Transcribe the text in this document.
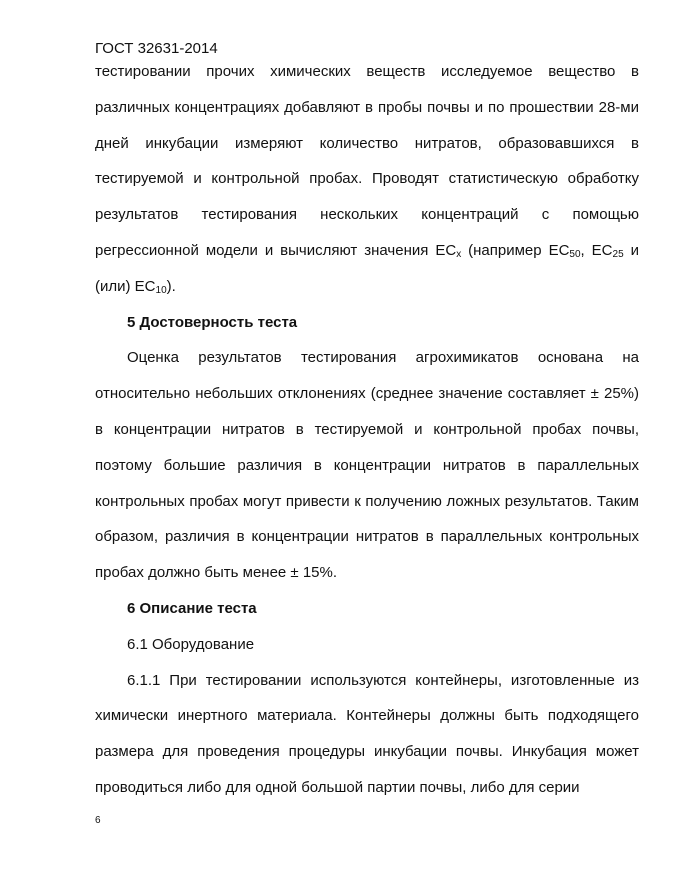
ГОСТ 32631-2014

тестировании прочих химических веществ исследуемое вещество в различных концентрациях добавляют в пробы почвы и по прошествии 28-ми дней инкубации измеряют количество нитратов, образовавшихся в тестируемой и контрольной пробах. Проводят статистическую обработку результатов тестирования нескольких концентраций с помощью регрессионной модели и вычисляют значения $EC_x$ (например $EC_{50}$, $EC_{25}$ и (или) $EC_{10}$).

5 Достоверность теста

Оценка результатов тестирования агрохимикатов основана на относительно небольших отклонениях (среднее значение составляет ± 25%) в концентрации нитратов в тестируемой и контрольной пробах почвы, поэтому большие различия в концентрации нитратов в параллельных контрольных пробах могут привести к получению ложных результатов. Таким образом, различия в концентрации нитратов в параллельных контрольных пробах должно быть менее ± 15%.

6 Описание теста

6.1 Оборудование

6.1.1 При тестировании используются контейнеры, изготовленные из химически инертного материала. Контейнеры должны быть подходящего размера для проведения процедуры инкубации почвы. Инкубация может проводиться либо для одной большой партии почвы, либо для серии

6
